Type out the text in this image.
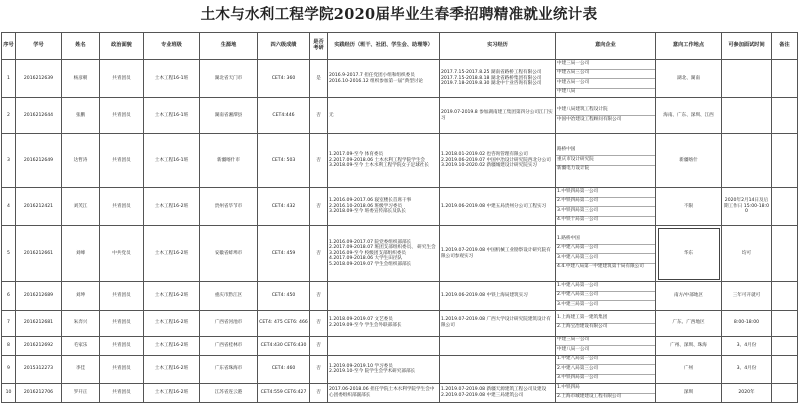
土木与水利工程学院2020届毕业生春季招聘精准就业统计表
序号	学号	姓名	政治面貌	专业班级	生源地	四六级成绩	是否考研	实践经历（班干、社团、学生会、助理等）	实习经历	意向企业	意向工作地点	可参加面试时间	备注
1	2016212639	杨彦朝	共青团员	土木工程16-1班	湖北省天门市	CET4: 360	是	2016.9-2017.7 担任党团小组和组织委员
2016.10-2016.12 组织参加第一届“典型讨论	2017.7.15-2017.8.25 湖南省路桥工程有限公司
2017.7.15-2018.8.18 湖北省路桥集团有限公司
2019.7.18-2019.8.30 湖北中十业咨询有限公司	中建三局一公司
中建五局三公司
中建五局一公司
中建八局	湖北、湖南		
2	2016212644	张鹏	共青团员	土木工程16-1班	湖南省湘潭县	CET4:446	否	无	2019.07-2019.8 参加湖南建工集团第四分公司江门实习	中建八局建筑工程设计院
中国中冶建设工程顾问有限公司	海南、广东、深圳、江西		
3	2016212649	达哲涛	共青团员	土木工程16-1班	新疆喀什市	CET4: 503	否	1.2017.09-至今 体育委员
2.2017.09-2018.06 土木水利工程学院学生会
3.2018.09-至今 土木水利工程学院女子足球社长	1.2018.01-2019.02 也咨询管理有限公司
2.2019.06-2019.07 中国中冶设计研究院西北分公司
3.2019.10-2020.02 新疆城建设计研究院实习	路桥中国
重庆市设计研究院
新疆电力设计院	新疆喀什		
4	2016212421	刘芙江	共青团员	土木工程16-2班	贵州省毕节市	CET4: 432	否	1.2016.09-2017.06 寝室楼长首席干事
2.2016.10-2018.06 班级学习委员
3.2018.09-至今 班委宣传部长及队长	1.2019.06-2019.08 中建五局贵州分公司工程实习	1.中铁四局第一公司
2.中铁四局第二公司
3.中铁四局第三公司
4.中铁十局第一公司	不限	2020年2月14日及后期工作日 15:00-18:00	
5	2016212661	刘峰	中共党员	土木工程16-2班	安徽省蚌埠市	CET4: 459	否	1.2016.09-2017.07 院党委组织部部长
2.2017.09-2018.07 班团支部组织委员、 研究生会
3.2016.09-至今 校级团支部组织委员
4.2017.09-2018.06 大学生田径队
5.2018.09-2019.07 学生会组织部部长	1.2019.07-2019.08 中国机械工业勘察设计研究院有限公司参观实习	1.路桥中国
2.中建八局第一公司
3.中建八局第三公司
4.4.中建八局第一中建建筑第十局有限公司	华东	均可	
6	2016212689	刘坤	共青团员	土木工程16-2班	重庆市黔江区	CET4: 450	否		1.2019.06-2019.08 中铁上海局建筑实习	1.中建八局第一公司
2.中建八局第三公司
3.中建三局第一公司	南方/中部地区	三年可开就可	
7	2016212681	朱奔兴	共青团员	土木工程16-2班	广西省河池市	CET4: 475 CET6: 466	否	1.2018.09-2019.07 文艺委员
2.2019.09-至今 学生会外联部部长	1.2019.07-2019.08 广西大学设计研究院建筑设计有限公司	1.上海建工第一建筑集团
2.上海宝冶建设有限公司	广东、广西地区	8:00-18:00	
8	2016212692	毛家乐	共青团员	土木工程16-2班	广西省桂林市	CET4:430 CET6:430	否			中建三局一公司
中建八局一公司	广州、深圳、珠海	3、4月份	
9	2015312273	李佳	共青团员	土木工程16-2班	广东省珠海市	CET4: 460	否	1.2019.09-2019.10 学习委员
2.2019.10-至今 院学生会学术研究部部长		1.中建八局第一公司
2.中建八局第三公司
3.中铁四局第一公司	广州	3、4月份	
10	2016212706	罗开正	共青团员	土木工程16-2班	江苏省连云港	CET4:559 CET6:427	否	2017.06-2018.06 担任学院土木水利学院学生会中心团委组织部副部长	1.2019.07-2019.08 新疆天源建筑工程公司及建设
2.2019.07-2019.08 中建三局建筑公司	1.中铁四局
2.上海市城建建设工程有限公司	深圳	2020年	
